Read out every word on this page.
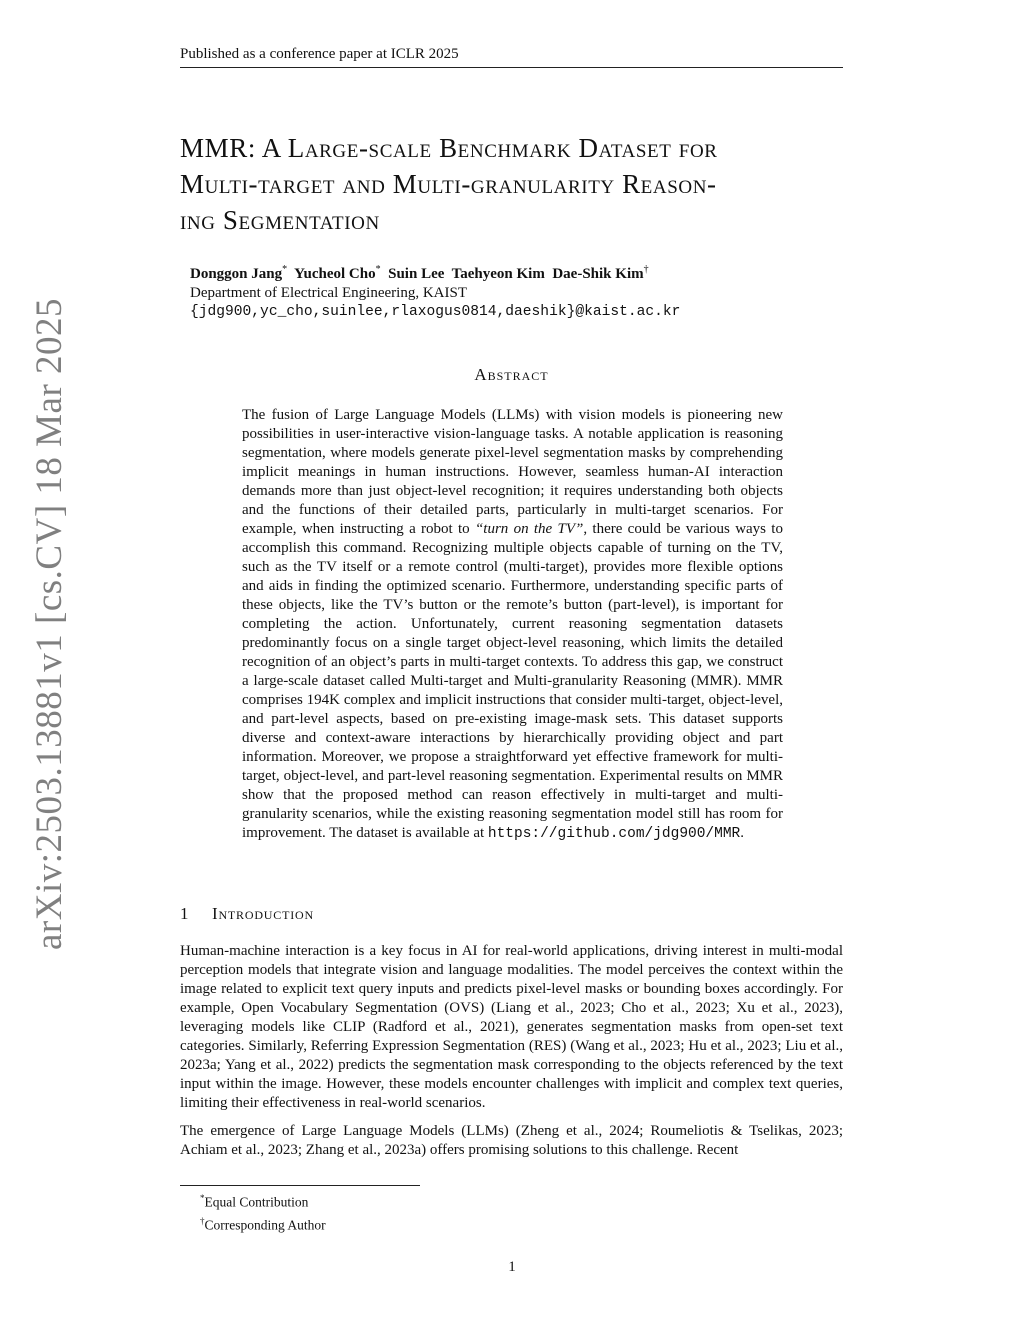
Published as a conference paper at ICLR 2025
arXiv:2503.13881v1 [cs.CV] 18 Mar 2025
MMR: A Large-scale Benchmark Dataset for
Multi-target and Multi-granularity Reason-
ing Segmentation
Donggon Jang* Yucheol Cho* Suin Lee Taehyeon Kim Dae-Shik Kim†
Department of Electrical Engineering, KAIST
{jdg900,yc_cho,suinlee,rlaxogus0814,daeshik}@kaist.ac.kr
Abstract

The fusion of Large Language Models (LLMs) with vision models is pioneering new possibilities in user-interactive vision-language tasks. A notable application is reasoning segmentation, where models generate pixel-level segmentation masks by comprehending implicit meanings in human instructions. However, seamless human-AI interaction demands more than just object-level recognition; it requires understanding both objects and the functions of their detailed parts, particularly in multi-target scenarios. For example, when instructing a robot to “turn on the TV”, there could be various ways to accomplish this command. Recognizing multiple objects capable of turning on the TV, such as the TV itself or a remote control (multi-target), provides more flexible options and aids in finding the optimized scenario. Furthermore, understanding specific parts of these objects, like the TV’s button or the remote’s button (part-level), is important for completing the action. Unfortunately, current reasoning segmentation datasets predominantly focus on a single target object-level reasoning, which limits the detailed recognition of an object’s parts in multi-target contexts. To address this gap, we construct a large-scale dataset called Multi-target and Multi-granularity Reasoning (MMR). MMR comprises 194K complex and implicit instructions that consider multi-target, object-level, and part-level aspects, based on pre-existing image-mask sets. This dataset supports diverse and context-aware interactions by hierarchically providing object and part information. Moreover, we propose a straightforward yet effective framework for multi-target, object-level, and part-level reasoning segmentation. Experimental results on MMR show that the proposed method can reason effectively in multi-target and multi-granularity scenarios, while the existing reasoning segmentation model still has room for improvement. The dataset is available at https://github.com/jdg900/MMR.

1 Introduction

Human-machine interaction is a key focus in AI for real-world applications, driving interest in multi-modal perception models that integrate vision and language modalities. The model perceives the context within the image related to explicit text query inputs and predicts pixel-level masks or bounding boxes accordingly. For example, Open Vocabulary Segmentation (OVS) (Liang et al., 2023; Cho et al., 2023; Xu et al., 2023), leveraging models like CLIP (Radford et al., 2021), generates segmentation masks from open-set text categories. Similarly, Referring Expression Segmentation (RES) (Wang et al., 2023; Hu et al., 2023; Liu et al., 2023a; Yang et al., 2022) predicts the segmentation mask corresponding to the objects referenced by the text input within the image. However, these models encounter challenges with implicit and complex text queries, limiting their effectiveness in real-world scenarios.

The emergence of Large Language Models (LLMs) (Zheng et al., 2024; Roumeliotis & Tselikas, 2023; Achiam et al., 2023; Zhang et al., 2023a) offers promising solutions to this challenge. Recent

*Equal Contribution
†Corresponding Author
1
